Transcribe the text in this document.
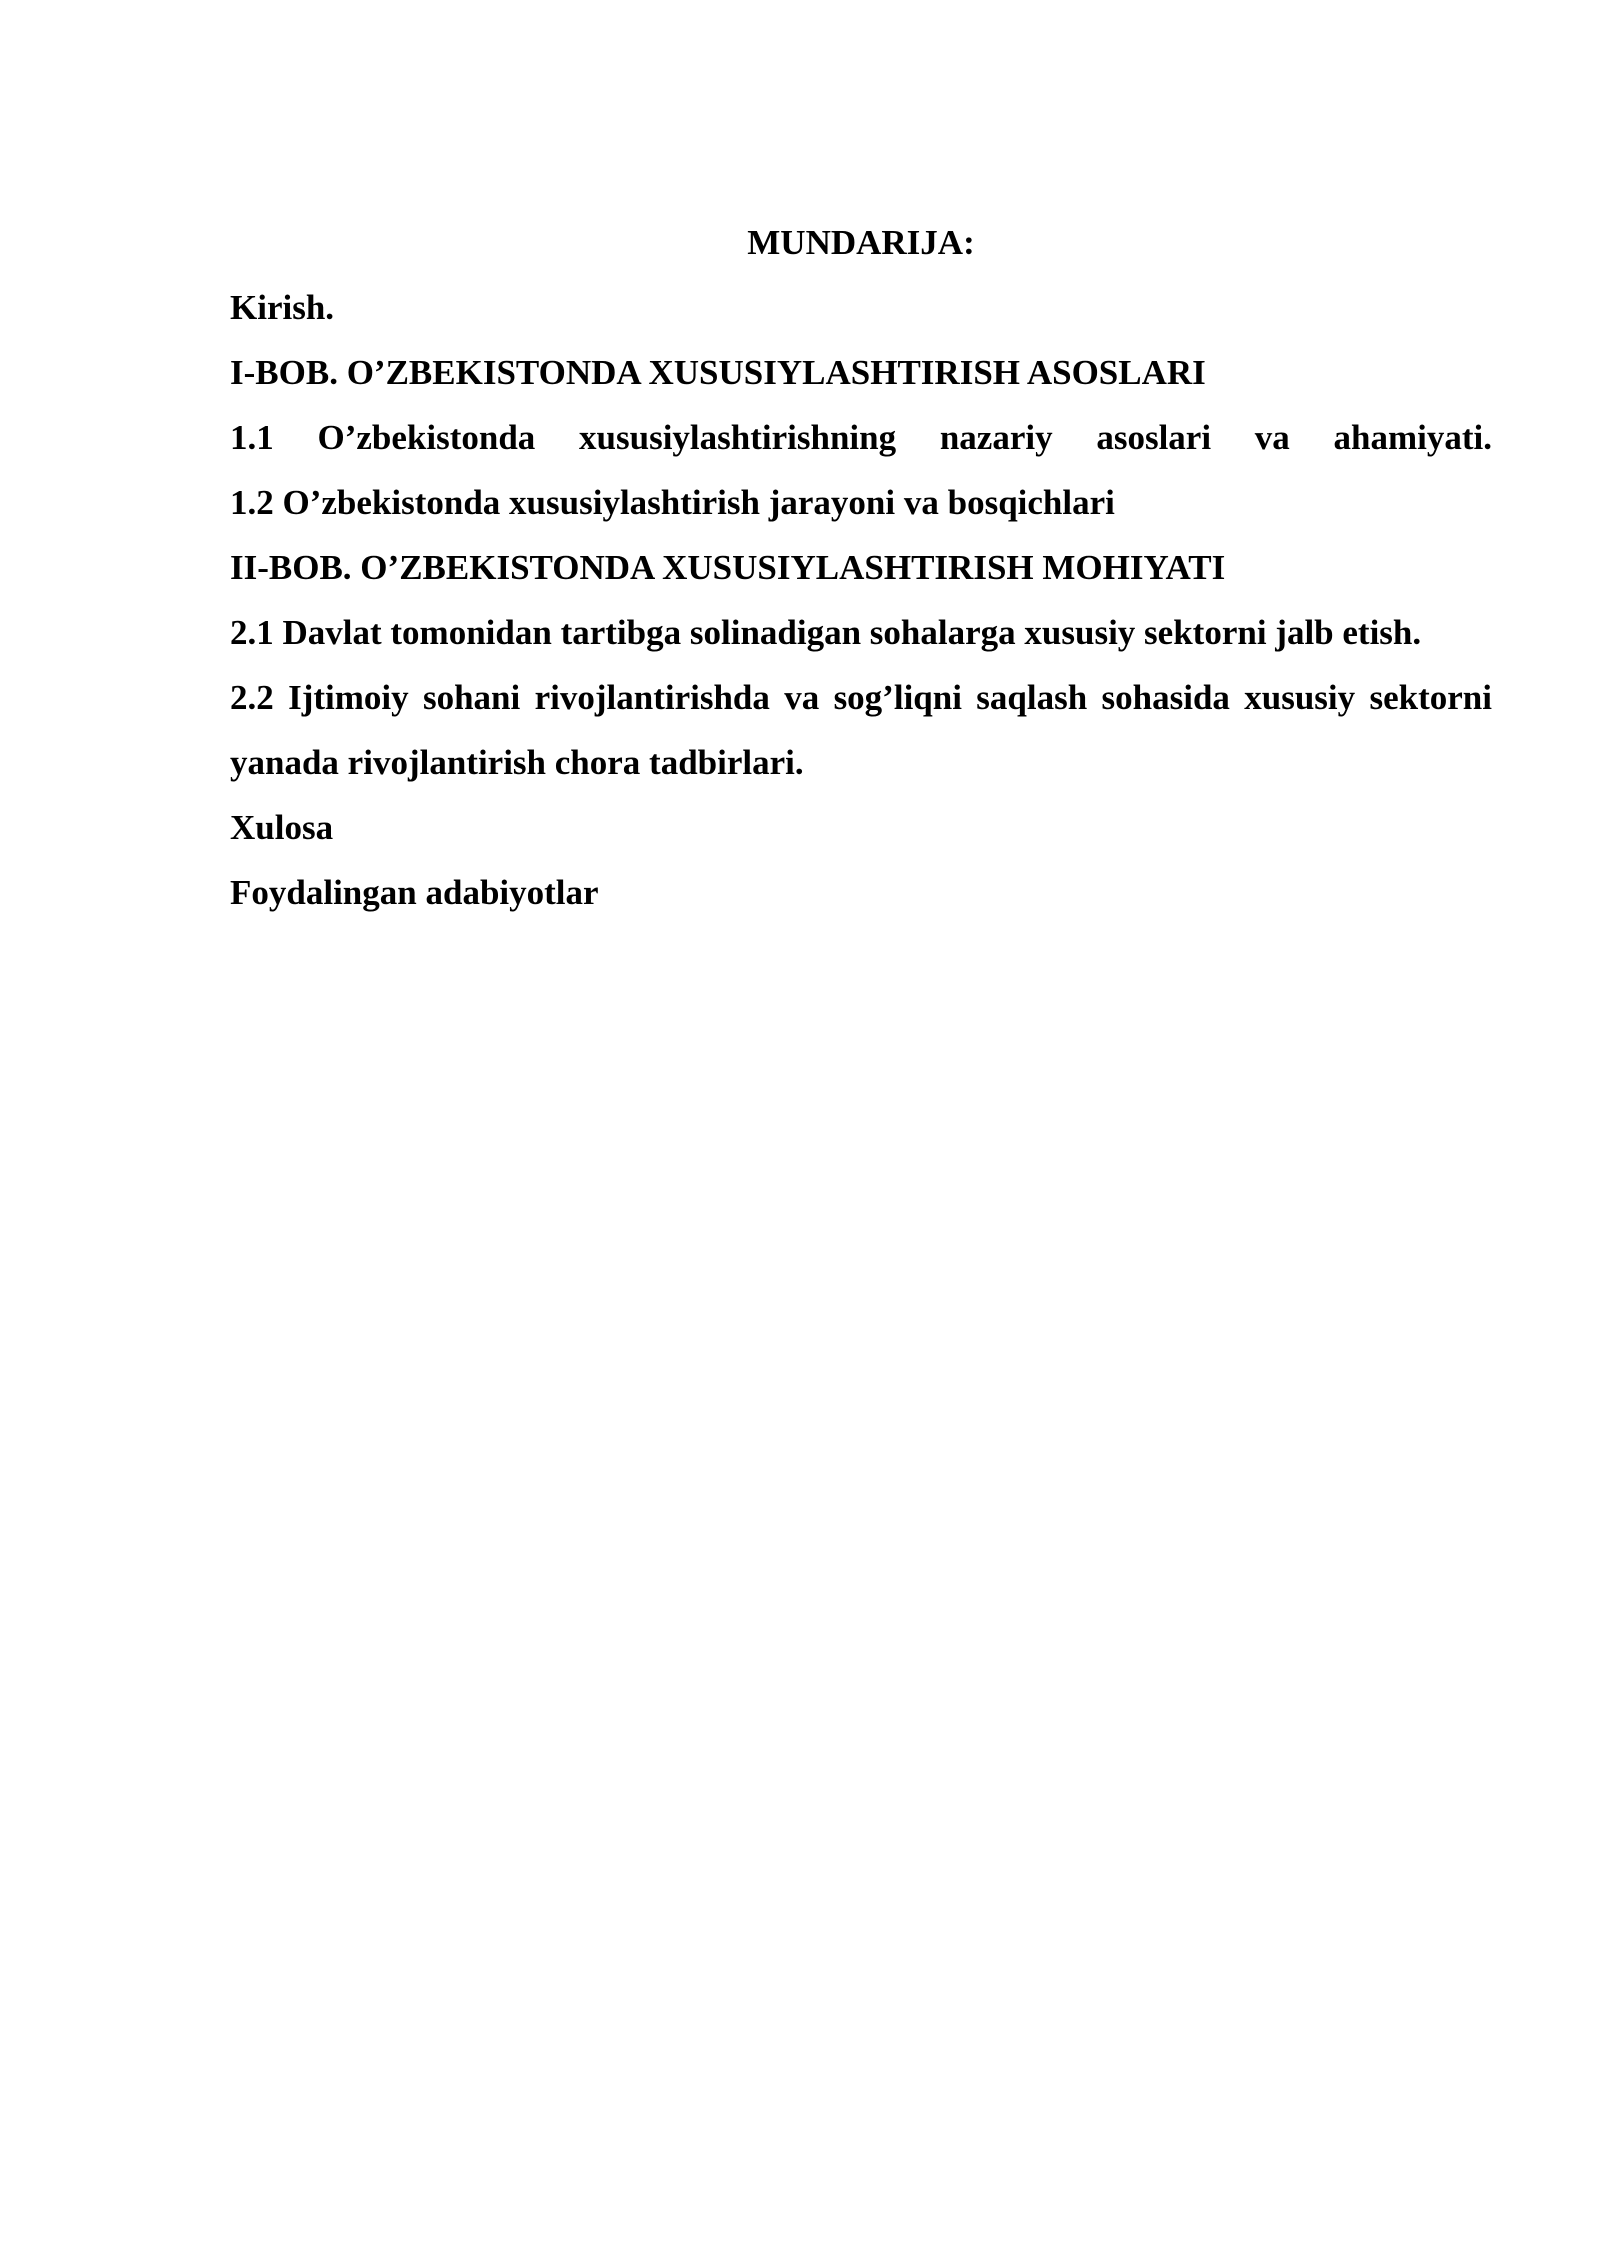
MUNDARIJA:
Kirish.
I-BOB. O’ZBEKISTONDA XUSUSIYLASHTIRISH ASOSLARI
1.1 O’zbekistonda xususiylashtirishning nazariy asoslari va ahamiyati.
1.2 O’zbekistonda xususiylashtirish jarayoni va bosqichlari
II-BOB. O’ZBEKISTONDA XUSUSIYLASHTIRISH MOHIYATI
2.1 Davlat tomonidan tartibga solinadigan sohalarga xususiy sektorni jalb etish.
2.2 Ijtimoiy sohani rivojlantirishda va sog’liqni saqlash sohasida xususiy sektorni yanada rivojlantirish chora tadbirlari.
Xulosa
Foydalingan adabiyotlar
